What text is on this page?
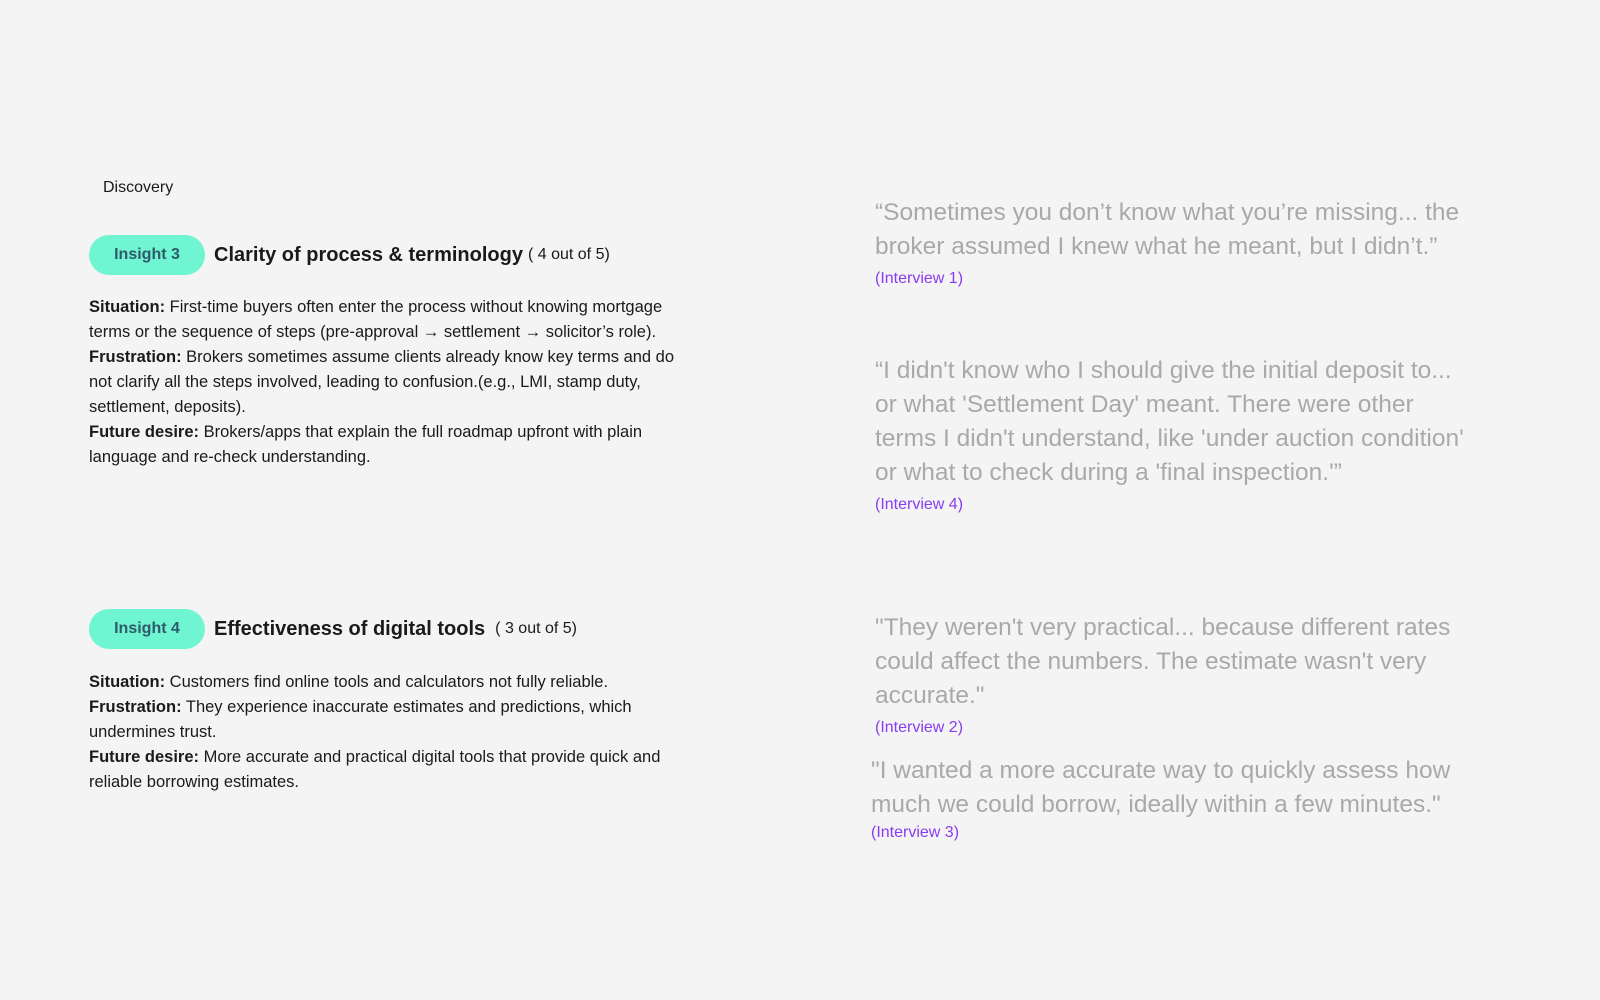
Discovery
Insight 3	Clarity of process & terminology ( 4 out of 5)

Situation: First-time buyers often enter the process without knowing mortgage terms or the sequence of steps (pre-approval → settlement → solicitor’s role).

Frustration: Brokers sometimes assume clients already know key terms and do not clarify all the steps involved, leading to confusion.(e.g., LMI, stamp duty, settlement, deposits).

Future desire: Brokers/apps that explain the full roadmap upfront with plain language and re-check understanding.

Insight 4	Effectiveness of digital tools ( 3 out of 5)

Situation: Customers find online tools and calculators not fully reliable.

Frustration: They experience inaccurate estimates and predictions, which undermines trust.

Future desire: More accurate and practical digital tools that provide quick and reliable borrowing estimates.

“Sometimes you don’t know what you’re missing... the broker assumed I knew what he meant, but I didn’t.”
(Interview 1)
“I didn't know who I should give the initial deposit to... or what 'Settlement Day' meant. There were other terms I didn't understand, like 'under auction condition' or what to check during a 'final inspection.'”
(Interview 4)
"They weren't very practical... because different rates could affect the numbers. The estimate wasn't very accurate."
(Interview 2)
"I wanted a more accurate way to quickly assess how much we could borrow, ideally within a few minutes."
(Interview 3)
